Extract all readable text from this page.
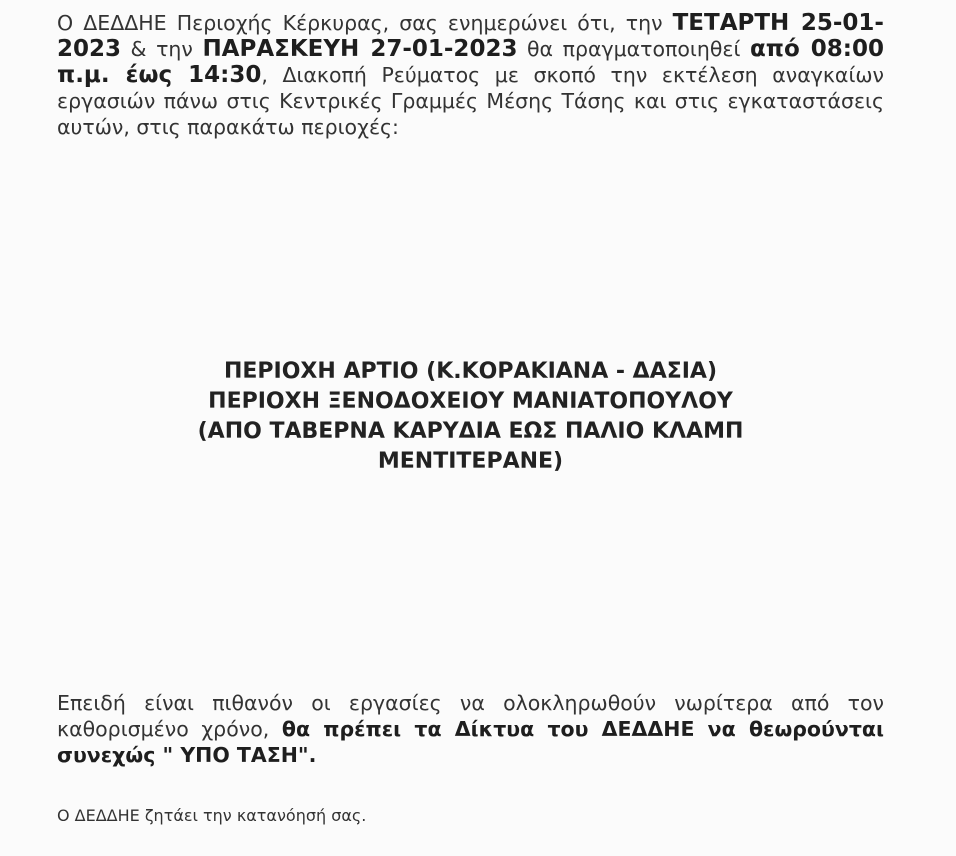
Ο ΔΕΔΔΗΕ Περιοχής Κέρκυρας, σας ενημερώνει ότι, την ΤΕΤΑΡΤΗ 25-01-2023 & την ΠΑΡΑΣΚΕΥΗ 27-01-2023 θα πραγματοποιηθεί από 08:00 π.μ. έως 14:30, Διακοπή Ρεύματος με σκοπό την εκτέλεση αναγκαίων εργασιών πάνω στις Κεντρικές Γραμμές Μέσης Τάσης και στις εγκαταστάσεις αυτών, στις παρακάτω περιοχές:

ΠΕΡΙΟΧΗ ΑΡΤΙΟ (Κ.ΚΟΡΑΚΙΑΝΑ - ΔΑΣΙΑ)
ΠΕΡΙΟΧΗ ΞΕΝΟΔΟΧΕΙΟΥ ΜΑΝΙΑΤΟΠΟΥΛΟΥ
(ΑΠΟ ΤΑΒΕΡΝΑ ΚΑΡΥΔΙΑ ΕΩΣ ΠΑΛΙΟ ΚΛΑΜΠ
ΜΕΝΤΙΤΕΡΑΝΕ)
Επειδή είναι πιθανόν οι εργασίες να ολοκληρωθούν νωρίτερα από τον καθορισμένο χρόνο, θα πρέπει τα Δίκτυα του ΔΕΔΔΗΕ να θεωρούνται συνεχώς " ΥΠΟ ΤΑΣΗ".
Ο ΔΕΔΔΗΕ ζητάει την κατανόησή σας.
